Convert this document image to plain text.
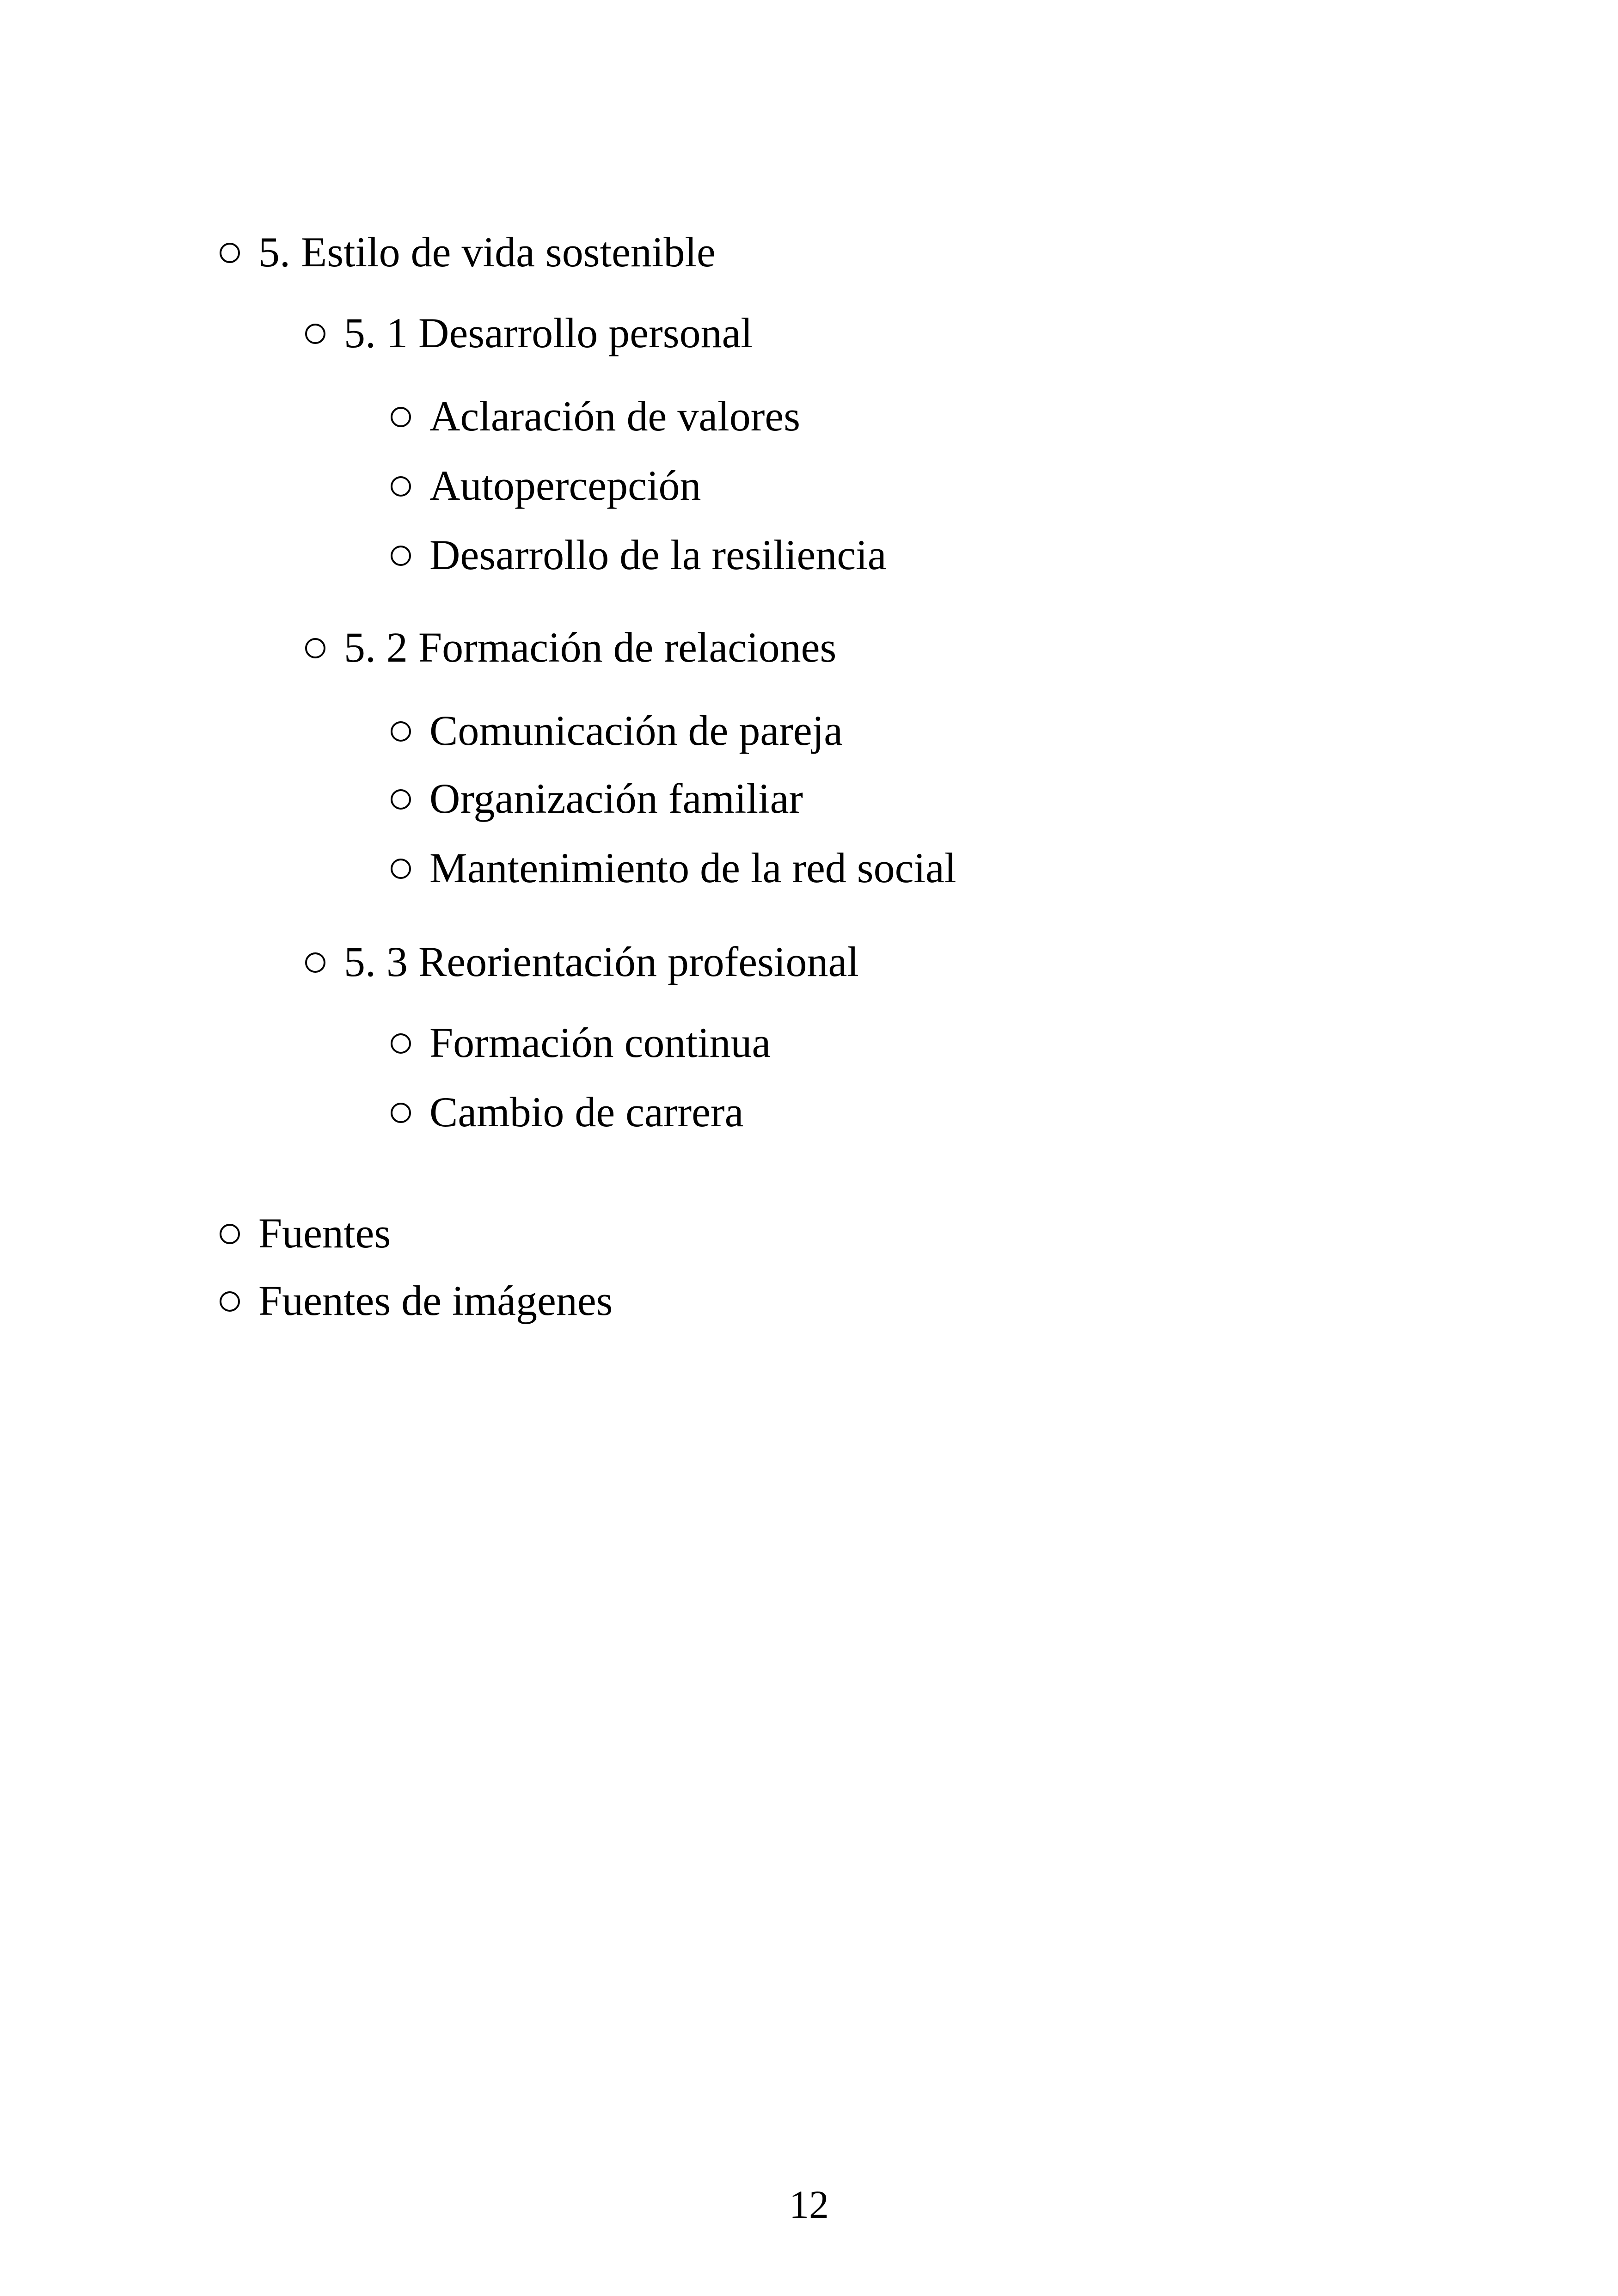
5. Estilo de vida sostenible
5. 1 Desarrollo personal
Aclaración de valores
Autopercepción
Desarrollo de la resiliencia
5. 2 Formación de relaciones
Comunicación de pareja
Organización familiar
Mantenimiento de la red social
5. 3 Reorientación profesional
Formación continua
Cambio de carrera
Fuentes
Fuentes de imágenes
12
